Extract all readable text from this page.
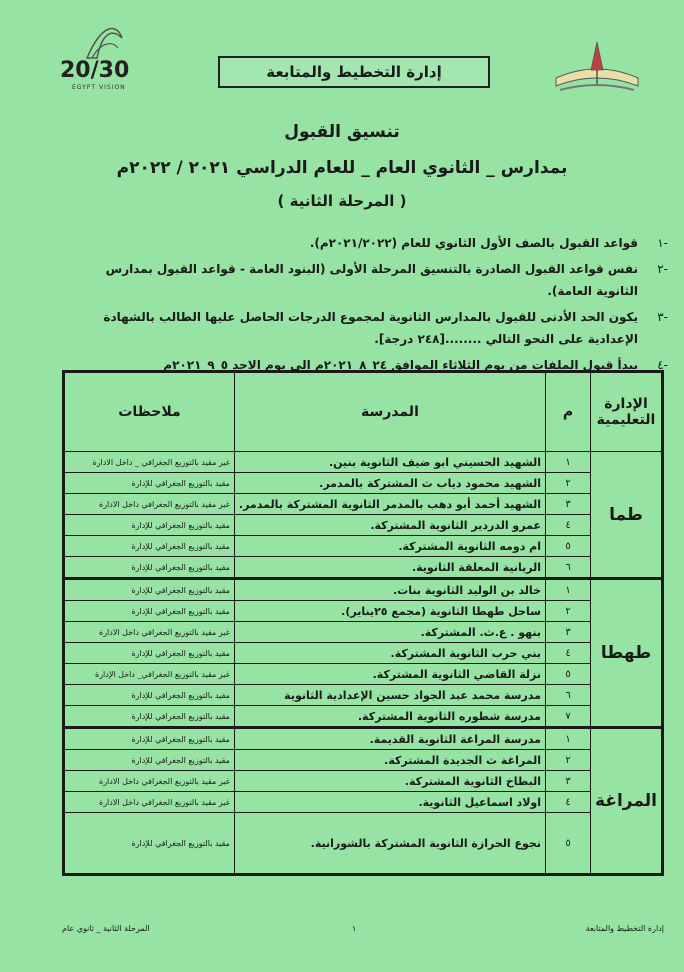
20/30
EGYPT VISION
إدارة التخطيط والمتابعة
تنسيق القبول
بمدارس _ الثانوي العام _ للعام الدراسي ٢٠٢١ / ٢٠٢٢م
( المرحلة الثانية )
-١
قواعد القبول بالصف الأول الثانوي للعام (٢٠٢١/٢٠٢٢م).
-٢
نفس قواعد القبول الصادرة بالتنسيق المرحلة الأولى (البنود العامة - قواعد القبول بمدارس الثانوية العامة).
-٣
يكون الحد الأدنى للقبول بالمدارس الثانوية لمجموع الدرجات الحاصل عليها الطالب بالشهادة الإعدادية على النحو التالي ........[٢٤٨ درجة].
-٤
يبدأ قبول الملفات من يوم الثلاثاء الموافق ٢٤_٨_٢٠٢١م الى يوم الاحد ٥_٩_٢٠٢١م
الإدارة التعليمية	م	المدرسة	ملاحظات
طما	١	الشهيد الحسيني ابو ضيف الثانوية بنين.	غير مقيد بالتوزيع الجغرافي _ داخل الادارة
	٢	الشهيد محمود دياب ث المشتركة بالمدمر.	مقيد بالتوزيع الجغرافي للإدارة
	٣	الشهيد أحمد أبو دهب بالمدمر الثانوية المشتركة بالمدمر.	غير مقيد بالتوزيع الجغرافي داخل الادارة
	٤	عمرو الدردير الثانوية المشتركة.	مقيد بالتوزيع الجغرافي للإدارة
	٥	ام دومه الثانوية المشتركة.	مقيد بالتوزيع الجغرافي للإدارة
	٦	الريانية المعلقة الثانوية.	مقيد بالتوزيع الجغرافي للإدارة
طهطا	١	خالد بن الوليد الثانوية بنات.	مقيد بالتوزيع الجغرافي للإدارة
	٢	ساحل طهطا الثانوية (مجمع ٢٥يناير).	مقيد بالتوزيع الجغرافي للإدارة
	٣	بنهو . ع.ث. المشتركة.	غير مقيد بالتوزيع الجغرافي داخل الادارة
	٤	بني حرب الثانوية المشتركة.	مقيد بالتوزيع الجغرافي للإدارة
	٥	نزلة القاضي الثانوية المشتركة.	غير مقيد بالتوزيع الجغرافي_ داخل الإدارة
	٦	مدرسة محمد عبد الجواد حسين الإعدادية الثانوية	مقيد بالتوزيع الجغرافي للإدارة
	٧	مدرسة شطوره الثانوية المشتركة.	مقيد بالتوزيع الجغرافي للإدارة
المراغة	١	مدرسة المراغة الثانوية القديمة.	مقيد بالتوزيع الجغرافي للإدارة
	٢	المراغة ث الجديدة المشتركة.	مقيد بالتوزيع الجغرافي للإدارة
	٣	البطاخ الثانوية المشتركة.	غير مقيد بالتوزيع الجغرافي داخل الادارة
	٤	اولاد اسماعيل الثانوية.	غير مقيد بالتوزيع الجغرافي داخل الادارة
	٥	نجوع الحرازة الثانوية المشتركة بالشورانية.	مقيد بالتوزيع الجغرافي للإدارة
إدارة التخطيط والمتابعة
١
المرحلة الثانية _ ثانوي عام
